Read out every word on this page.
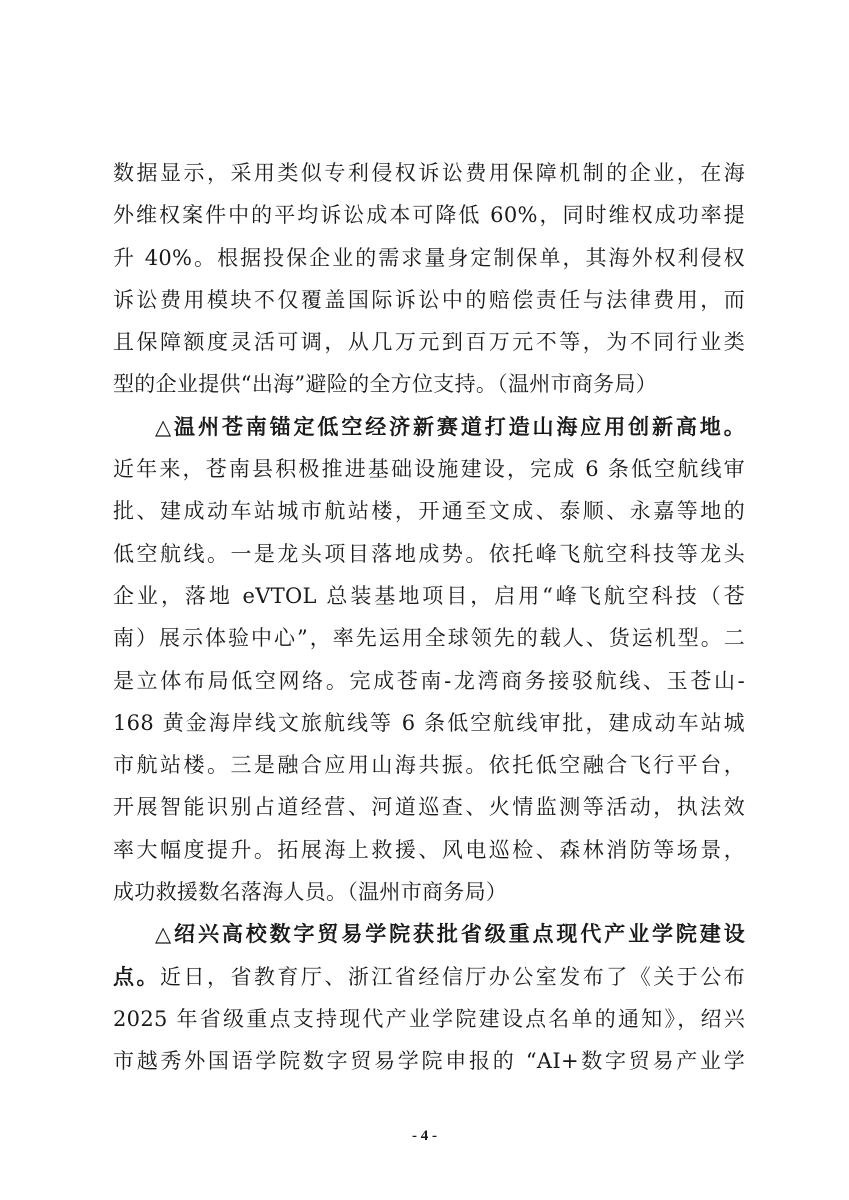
数据显示，采用类似专利侵权诉讼费用保障机制的企业，在海
外维权案件中的平均诉讼成本可降低 60%，同时维权成功率提
升 40%。根据投保企业的需求量身定制保单，其海外权利侵权
诉讼费用模块不仅覆盖国际诉讼中的赔偿责任与法律费用，而
且保障额度灵活可调，从几万元到百万元不等，为不同行业类
型的企业提供“出海”避险的全方位支持。（温州市商务局）
△温州苍南锚定低空经济新赛道打造山海应用创新高地。
近年来，苍南县积极推进基础设施建设，完成 6 条低空航线审
批、建成动车站城市航站楼，开通至文成、泰顺、永嘉等地的
低空航线。一是龙头项目落地成势。依托峰飞航空科技等龙头
企业，落地 eVTOL 总装基地项目，启用“峰飞航空科技（苍
南）展示体验中心”，率先运用全球领先的载人、货运机型。二
是立体布局低空网络。完成苍南-龙湾商务接驳航线、玉苍山-
168 黄金海岸线文旅航线等 6 条低空航线审批，建成动车站城
市航站楼。三是融合应用山海共振。依托低空融合飞行平台，
开展智能识别占道经营、河道巡查、火情监测等活动，执法效
率大幅度提升。拓展海上救援、风电巡检、森林消防等场景，
成功救援数名落海人员。（温州市商务局）
△绍兴高校数字贸易学院获批省级重点现代产业学院建设
点。近日，省教育厅、浙江省经信厅办公室发布了《关于公布
2025 年省级重点支持现代产业学院建设点名单的通知》，绍兴
市越秀外国语学院数字贸易学院申报的 “AI+数字贸易产业学
- 4 -
